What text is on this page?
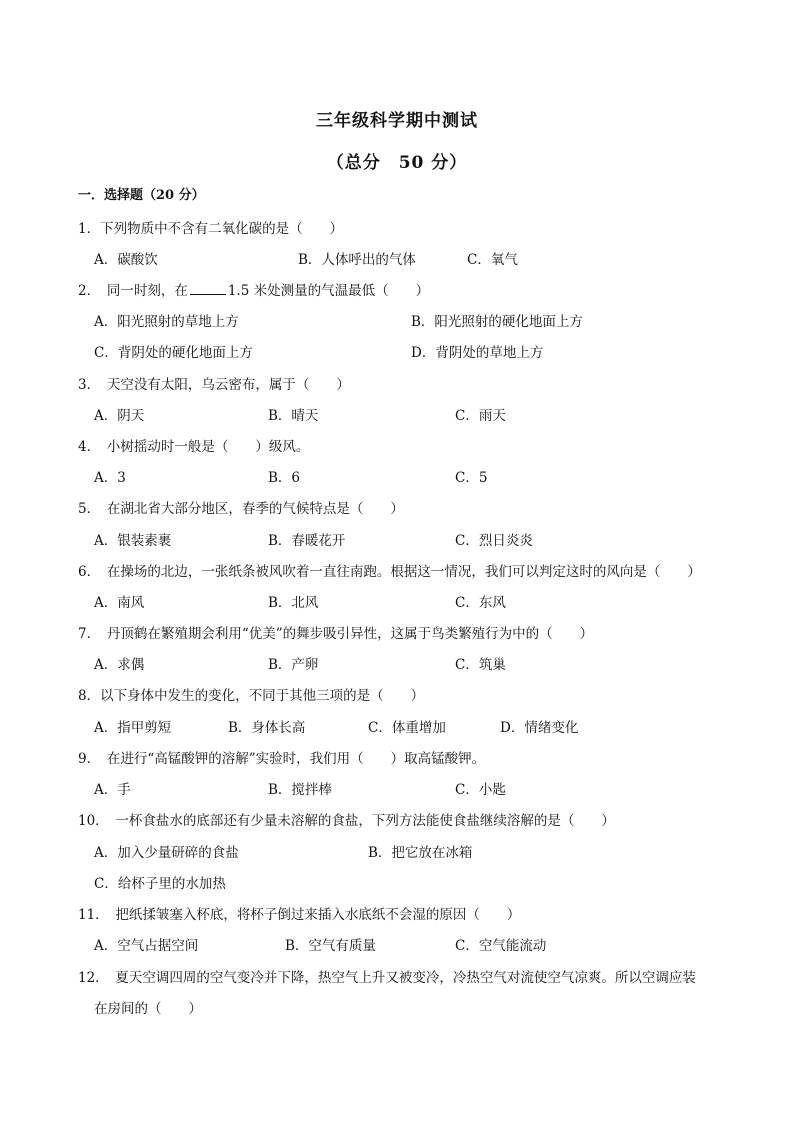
三年级科学期中测试
（总分　50 分）
一．选择题（20 分）
1．下列物质中不含有二氧化碳的是（　　）
A．碳酸饮	B．人体呼出的气体	C．氧气
2．　同一时刻，在	1.5 米处测量的气温最低（　　）
A．阳光照射的草地上方	B．阳光照射的硬化地面上方
C．背阴处的硬化地面上方	D．背阴处的草地上方
3．　天空没有太阳，乌云密布，属于（　　）
A．阴天	B．晴天	C．雨天
4．　小树摇动时一般是（　　）级风。
A．3	B．6	C．5
5．　在湖北省大部分地区，春季的气候特点是（　　）
A．银装素裹	B．春暖花开	C．烈日炎炎
6．　在操场的北边，一张纸条被风吹着一直往南跑。根据这一情况，我们可以判定这时的风向是（　　）
A．南风	B．北风	C．东风
7．　丹顶鹤在繁殖期会利用“优美”的舞步吸引异性，这属于鸟类繁殖行为中的（　　）
A．求偶	B．产卵	C．筑巢
8．以下身体中发生的变化，不同于其他三项的是（　　）
A．指甲剪短	B．身体长高	C．体重增加	D．情绪变化
9．　在进行“高锰酸钾的溶解”实验时，我们用（　　）取高锰酸钾。
A．手	B．搅拌棒	C．小匙
10．　一杯食盐水的底部还有少量未溶解的食盐，下列方法能使食盐继续溶解的是（　　）
A．加入少量研碎的食盐	B．把它放在冰箱
C．给杯子里的水加热
11．　把纸揉皱塞入杯底，将杯子倒过来插入水底纸不会湿的原因（　　）
A．空气占据空间	B．空气有质量	C．空气能流动
12．　夏天空调四周的空气变冷并下降，热空气上升又被变冷，冷热空气对流使空气凉爽。所以空调应装
在房间的（　　）
